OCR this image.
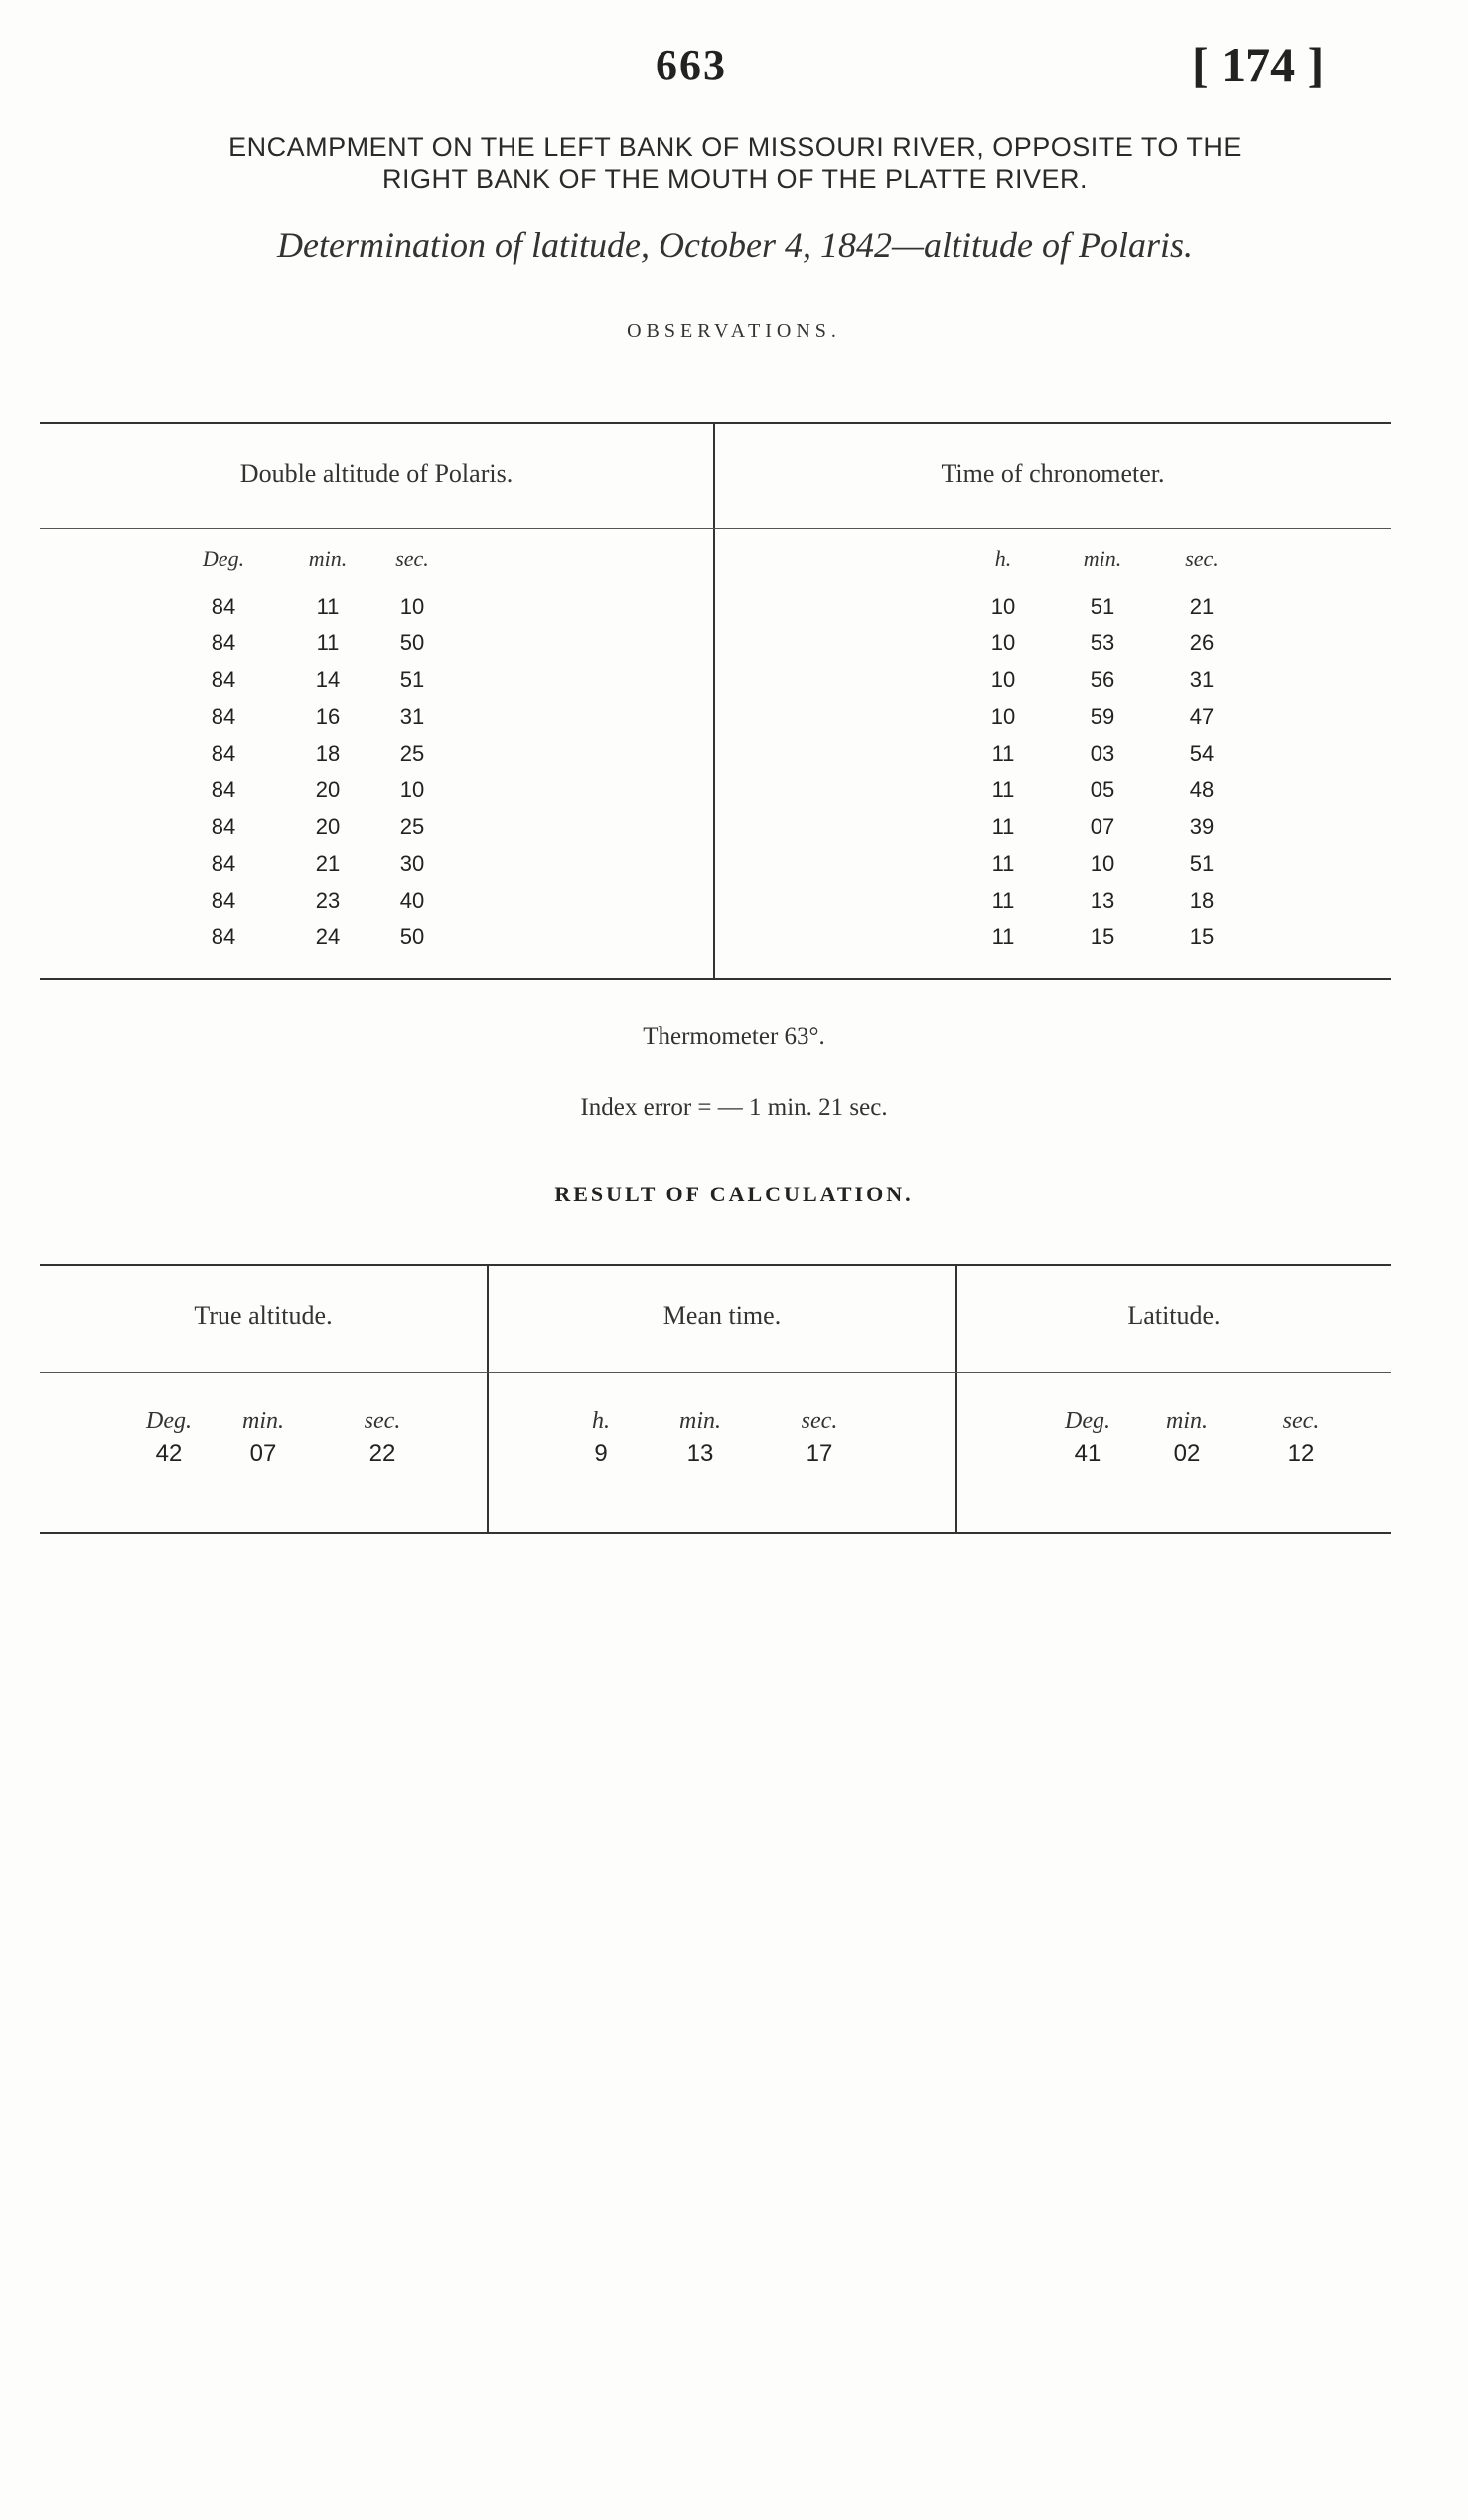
663	[ 174 ]
ENCAMPMENT ON THE LEFT BANK OF MISSOURI RIVER, OPPOSITE TO THE
RIGHT BANK OF THE MOUTH OF THE PLATTE RIVER.
Determination of latitude, October 4, 1842—altitude of Polaris.
OBSERVATIONS.
Double altitude of Polaris.	Time of chronometer.
Deg.	min.	sec.	h.	min.	sec.
84	11	10	10	51	21
84	11	50	10	53	26
84	14	51	10	56	31
84	16	31	10	59	47
84	18	25	11	03	54
84	20	10	11	05	48
84	20	25	11	07	39
84	21	30	11	10	51
84	23	40	11	13	18
84	24	50	11	15	15
Thermometer 63°.
Index error = — 1 min. 21 sec.
RESULT OF CALCULATION.
True altitude.	Mean time.	Latitude.
Deg.	min.	sec.	h.	min.	sec.	Deg.	min.	sec.
42	07	22	9	13	17	41	02	12
